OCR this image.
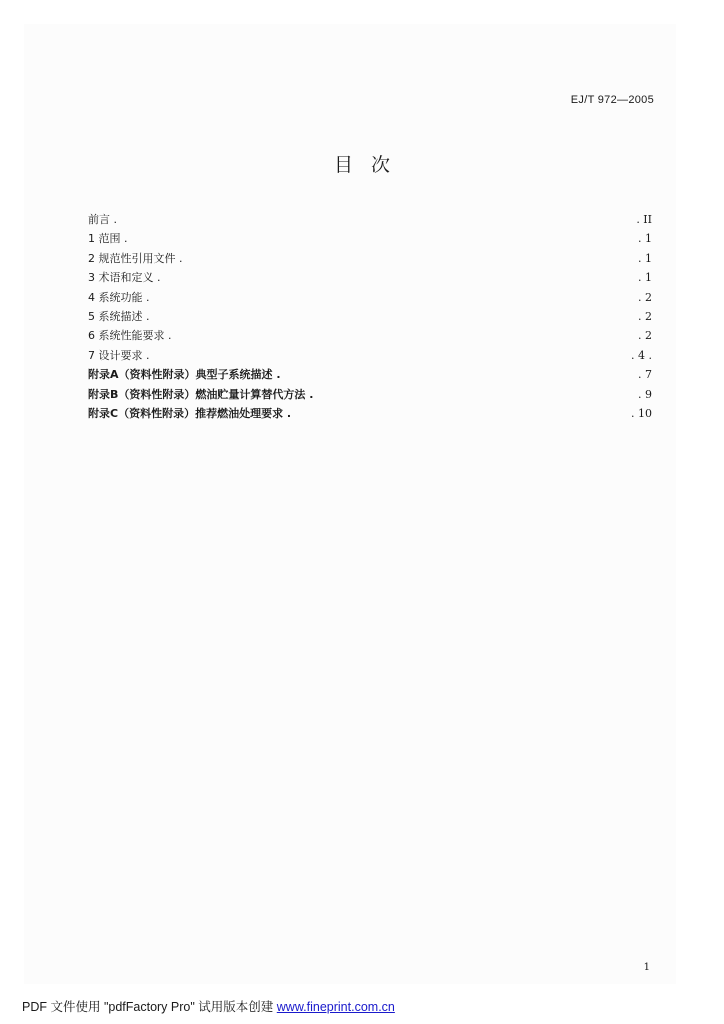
EJ/T 972—2005
目次
前言 .	. II
1 范围 .	. 1
2 规范性引用文件 .	. 1
3 术语和定义 .	. 1
4 系统功能 .	. 2
5 系统描述 .	. 2
6 系统性能要求 .	. 2
7 设计要求 .	. 4 .
附录A（资料性附录）典型子系统描述 .	. 7
附录B（资料性附录）燃油贮量计算替代方法 .	. 9
附录C（资料性附录）推荐燃油处理要求 .	. 10
1
PDF 文件使用 "pdfFactory Pro" 试用版本创建 www.fineprint.com.cn
